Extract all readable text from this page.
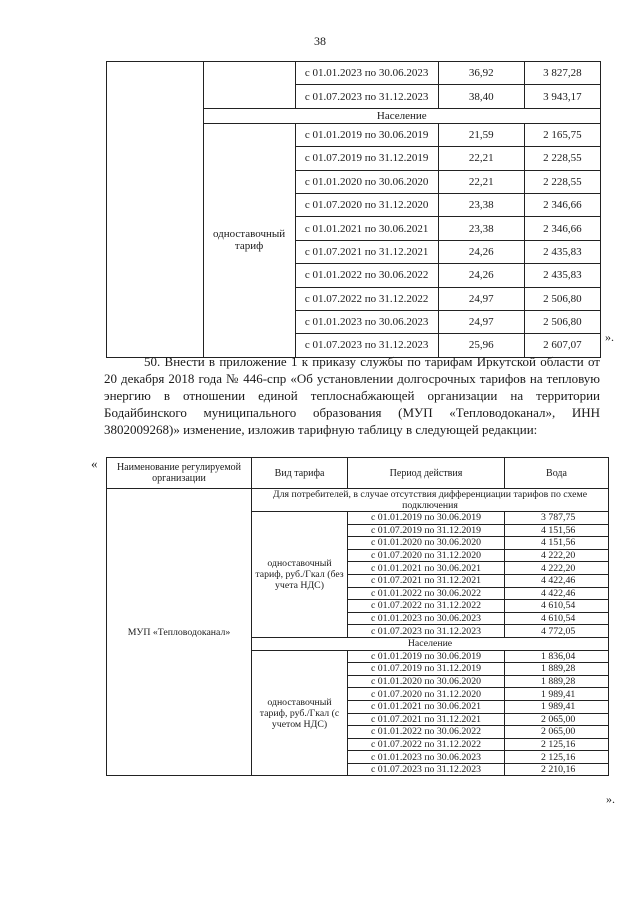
38
		с 01.01.2023 по 30.06.2023	36,92	3 827,28
		с 01.07.2023 по 31.12.2023	38,40	3 943,17
	Население			
	одноставочный тариф	с 01.01.2019 по 30.06.2019	21,59	2 165,75
		с 01.07.2019 по 31.12.2019	22,21	2 228,55
		с 01.01.2020 по 30.06.2020	22,21	2 228,55
		с 01.07.2020 по 31.12.2020	23,38	2 346,66
		с 01.01.2021 по 30.06.2021	23,38	2 346,66
		с 01.07.2021 по 31.12.2021	24,26	2 435,83
		с 01.01.2022 по 30.06.2022	24,26	2 435,83
		с 01.07.2022 по 31.12.2022	24,97	2 506,80
		с 01.01.2023 по 30.06.2023	24,97	2 506,80
		с 01.07.2023 по 31.12.2023	25,96	2 607,07
».

50. Внести в приложение 1 к приказу службы по тарифам Иркутской области от 20 декабря 2018 года № 446-спр «Об установлении долгосрочных тарифов на тепловую энергию в отношении единой теплоснабжающей организации на территории Бодайбинского муниципального образования (МУП «Тепловодоканал», ИНН 3802009268)» изменение, изложив тарифную таблицу в следующей редакции:

« Наименование регулируемой организации	Вид тарифа	Период действия	Вода
МУП «Тепловодоканал»	Для потребителей, в случае отсутствия дифференциации тарифов по схеме подключения		
	одноставочный тариф, руб./Гкал (без учета НДС)	с 01.01.2019 по 30.06.2019	3 787,75
		с 01.07.2019 по 31.12.2019	4 151,56
		с 01.01.2020 по 30.06.2020	4 151,56
		с 01.07.2020 по 31.12.2020	4 222,20
		с 01.01.2021 по 30.06.2021	4 222,20
		с 01.07.2021 по 31.12.2021	4 422,46
		с 01.01.2022 по 30.06.2022	4 422,46
		с 01.07.2022 по 31.12.2022	4 610,54
		с 01.01.2023 по 30.06.2023	4 610,54
		с 01.07.2023 по 31.12.2023	4 772,05
	Население		
	одноставочный тариф, руб./Гкал (с учетом НДС)	с 01.01.2019 по 30.06.2019	1 836,04
		с 01.07.2019 по 31.12.2019	1 889,28
		с 01.01.2020 по 30.06.2020	1 889,28
		с 01.07.2020 по 31.12.2020	1 989,41
		с 01.01.2021 по 30.06.2021	1 989,41
		с 01.07.2021 по 31.12.2021	2 065,00
		с 01.01.2022 по 30.06.2022	2 065,00
		с 01.07.2022 по 31.12.2022	2 125,16
		с 01.01.2023 по 30.06.2023	2 125,16
		с 01.07.2023 по 31.12.2023	2 210,16
».
